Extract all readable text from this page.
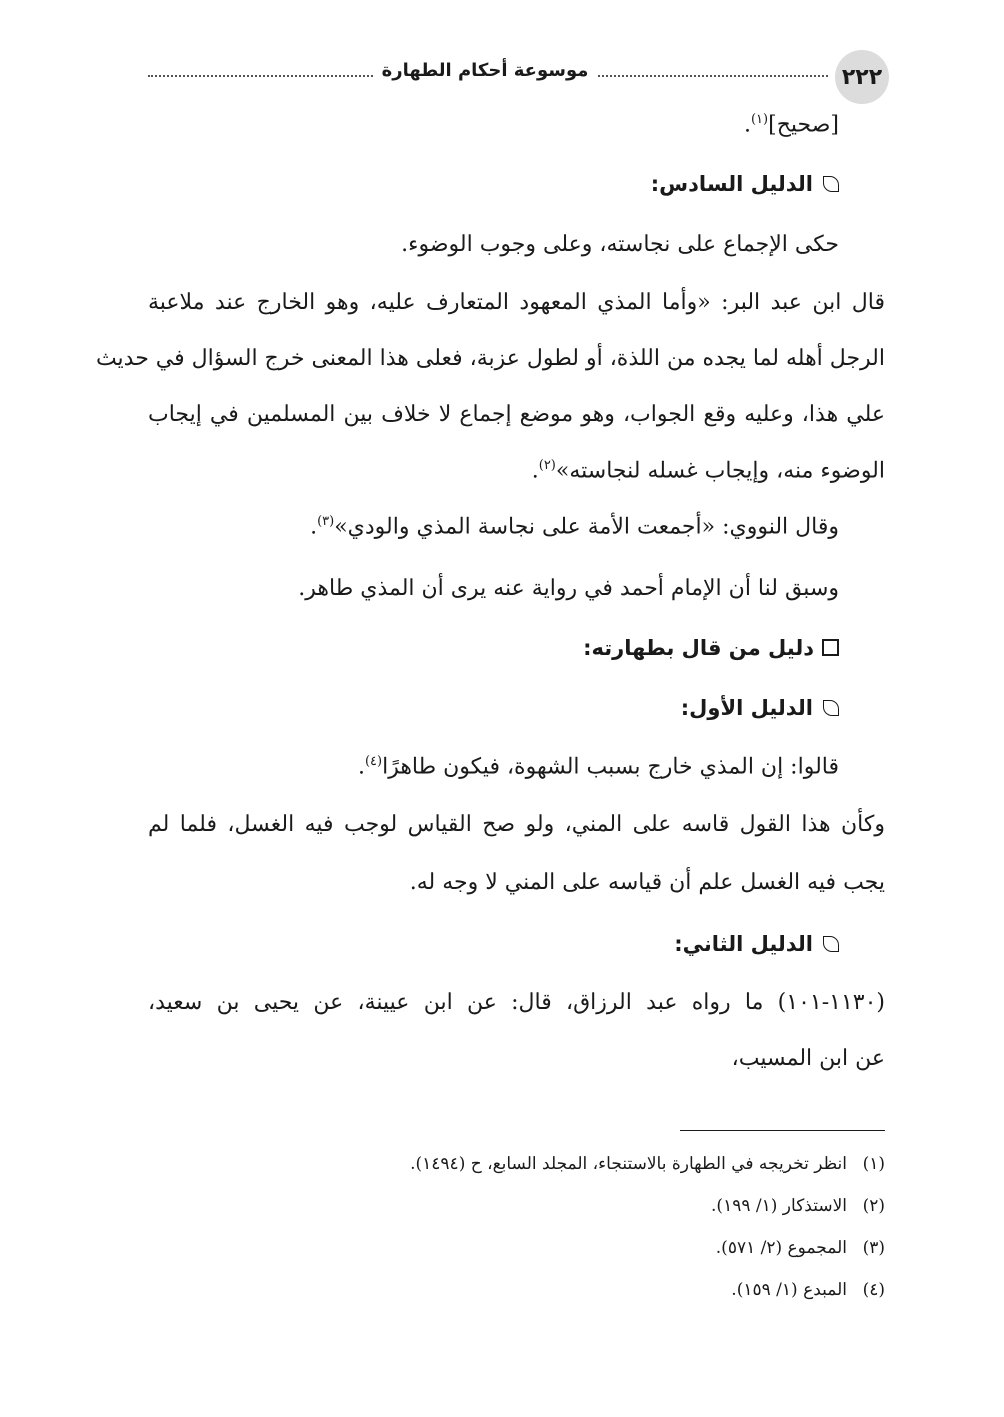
٢٢٢
موسوعة أحكام الطهارة
[صحيح]$^{(١)}$.
الدليل السادس:
حكى الإجماع على نجاسته، وعلى وجوب الوضوء.
قال ابن عبد البر: «وأما المذي المعهود المتعارف عليه، وهو الخارج عند ملاعبة
الرجل أهله لما يجده من اللذة، أو لطول عزبة، فعلى هذا المعنى خرج السؤال في حديث
علي هذا، وعليه وقع الجواب، وهو موضع إجماع لا خلاف بين المسلمين في إيجاب
الوضوء منه، وإيجاب غسله لنجاسته»$^{(٢)}$.
وقال النووي: «أجمعت الأمة على نجاسة المذي والودي»$^{(٣)}$.
وسبق لنا أن الإمام أحمد في رواية عنه يرى أن المذي طاهر.
دليل من قال بطهارته:
الدليل الأول:
قالوا: إن المذي خارج بسبب الشهوة، فيكون طاهرًا$^{(٤)}$.
وكأن هذا القول قاسه على المني، ولو صح القياس لوجب فيه الغسل، فلما لم
يجب فيه الغسل علم أن قياسه على المني لا وجه له.
الدليل الثاني:
(١١٣٠-١٠١) ما رواه عبد الرزاق، قال: عن ابن عيينة، عن يحيى بن سعيد،
عن ابن المسيب،
(١)انظر تخريجه في الطهارة بالاستنجاء، المجلد السابع، ح (١٤٩٤).
(٢)الاستذكار (١/ ١٩٩).
(٣)المجموع (٢/ ٥٧١).
(٤)المبدع (١/ ١٥٩).
